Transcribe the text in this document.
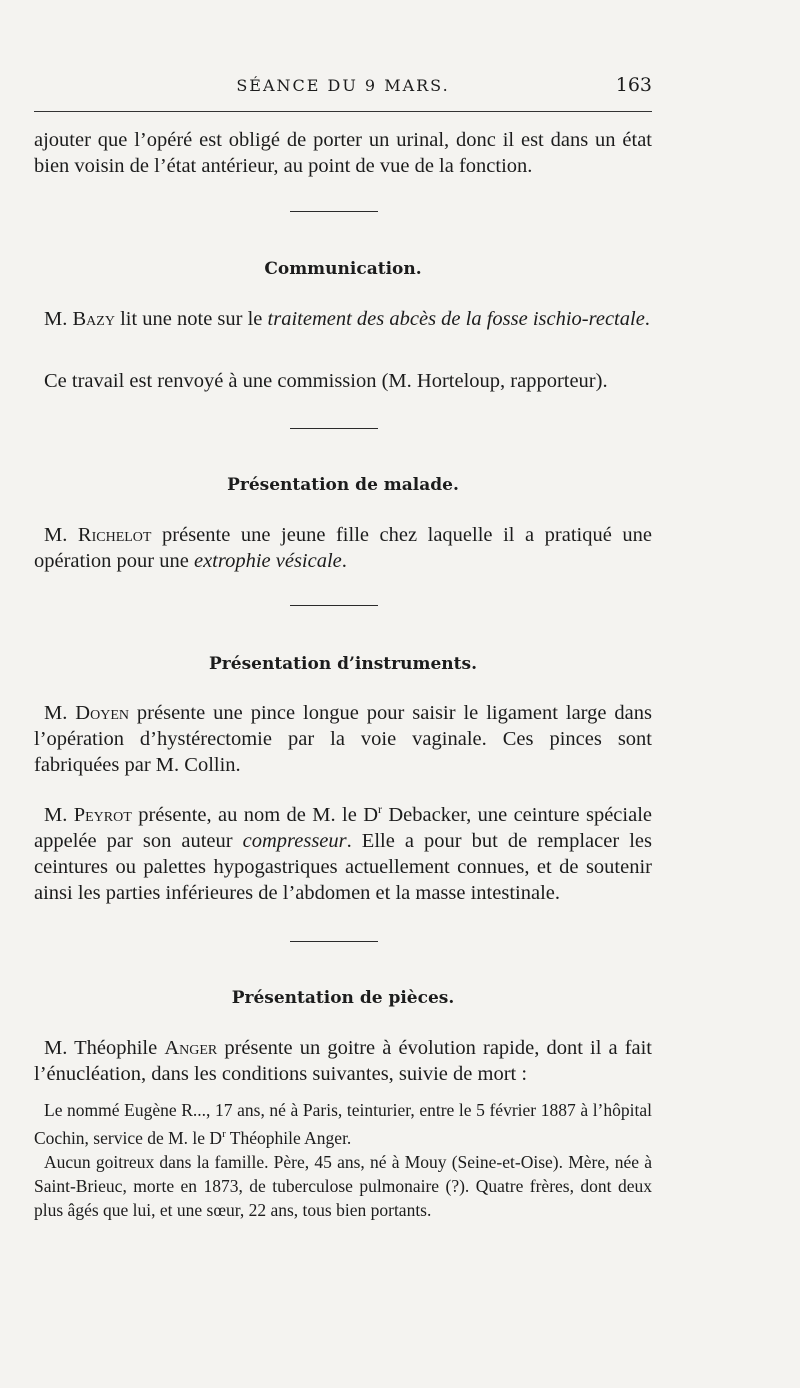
SÉANCE DU 9 MARS.	163

ajouter que l’opéré est obligé de porter un urinal, donc il est dans un état bien voisin de l’état antérieur, au point de vue de la fonction.

Communication.

M. Bazy lit une note sur le traitement des abcès de la fosse ischio-rectale.

Ce travail est renvoyé à une commission (M. Horteloup, rapporteur).

Présentation de malade.

M. Richelot présente une jeune fille chez laquelle il a pratiqué une opération pour une extrophie vésicale.

Présentation d’instruments.

M. Doyen présente une pince longue pour saisir le ligament large dans l’opération d’hystérectomie par la voie vaginale. Ces pinces sont fabriquées par M. Collin.

M. Peyrot présente, au nom de M. le $D^r$ Debacker, une ceinture spéciale appelée par son auteur compresseur. Elle a pour but de remplacer les ceintures ou palettes hypogastriques actuellement connues, et de soutenir ainsi les parties inférieures de l’abdomen et la masse intestinale.

Présentation de pièces.

M. Théophile Anger présente un goitre à évolution rapide, dont il a fait l’énucléation, dans les conditions suivantes, suivie de mort :

Le nommé Eugène R..., 17 ans, né à Paris, teinturier, entre le 5 février 1887 à l’hôpital Cochin, service de M. le $D^r$ Théophile Anger.

Aucun goitreux dans la famille. Père, 45 ans, né à Mouy (Seine-et-Oise). Mère, née à Saint-Brieuc, morte en 1873, de tuberculose pulmonaire (?). Quatre frères, dont deux plus âgés que lui, et une sœur, 22 ans, tous bien portants.
